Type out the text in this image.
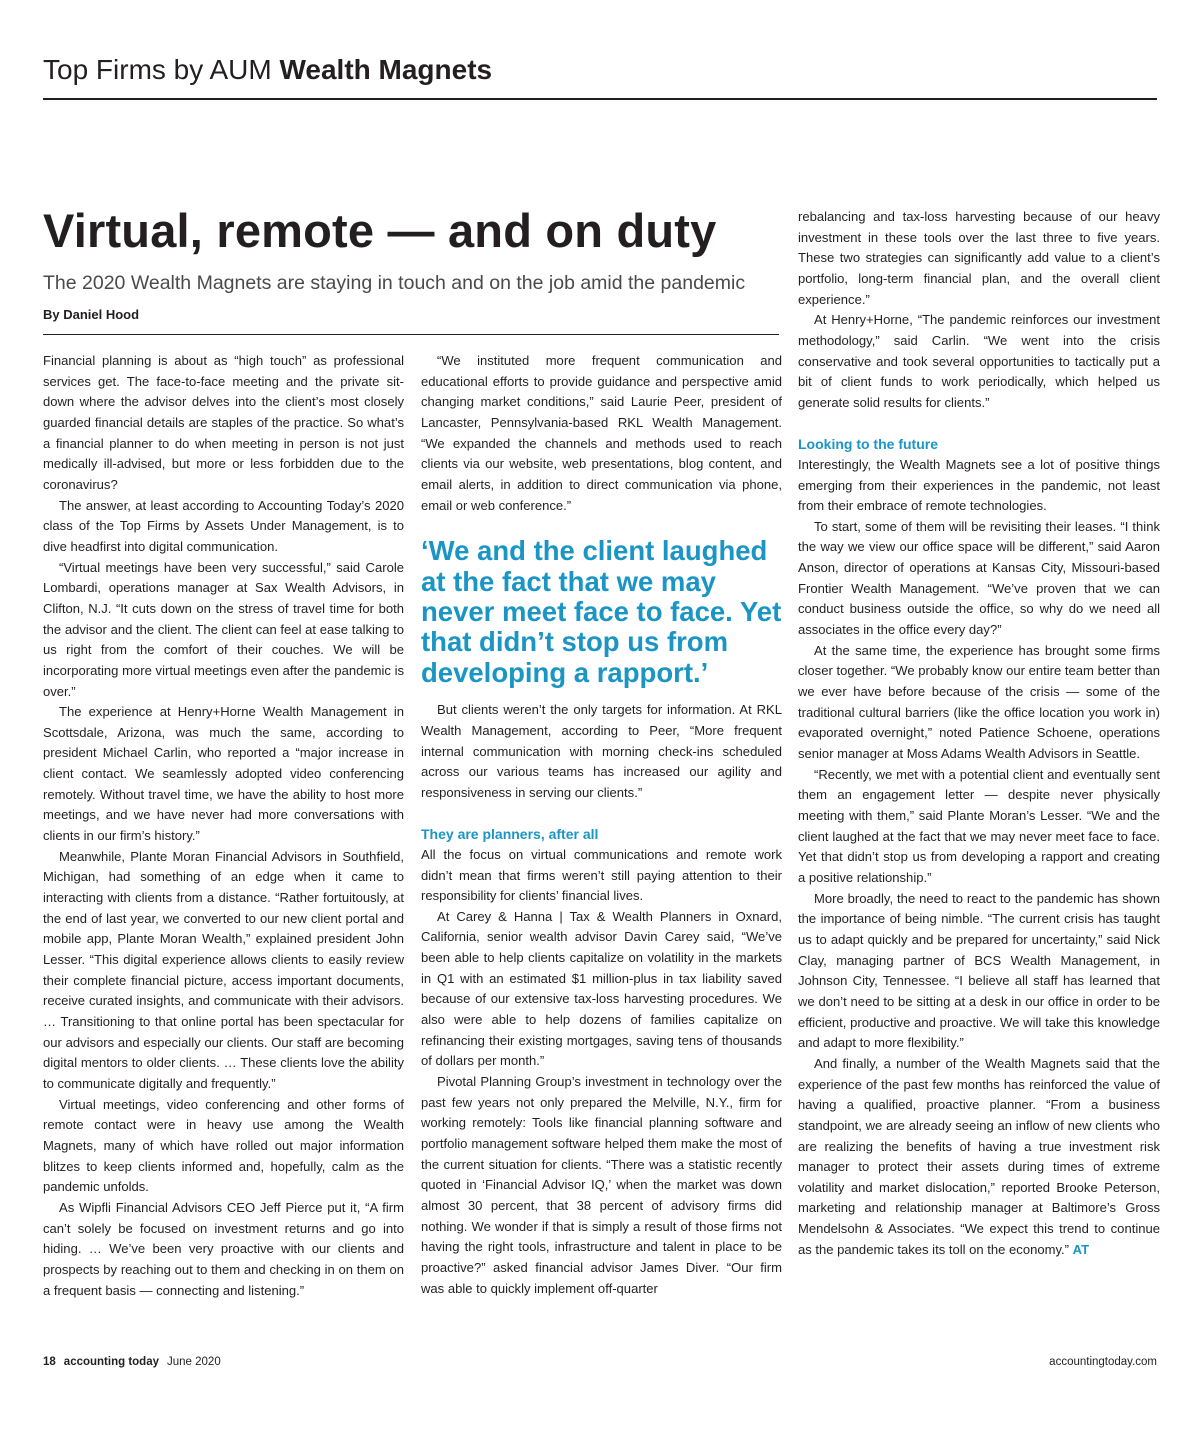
Top Firms by AUM Wealth Magnets
Virtual, remote — and on duty
The 2020 Wealth Magnets are staying in touch and on the job amid the pandemic
By Daniel Hood

Financial planning is about as “high touch” as professional services get. The face-to-face meeting and the private sit-down where the advisor delves into the client’s most closely guarded financial details are staples of the practice. So what’s a financial planner to do when meeting in person is not just medically ill-advised, but more or less forbidden due to the coronavirus?

The answer, at least according to Accounting Today’s 2020 class of the Top Firms by Assets Under Management, is to dive headfirst into digital communication.

“Virtual meetings have been very successful,” said Carole Lombardi, operations manager at Sax Wealth Advisors, in Clifton, N.J. “It cuts down on the stress of travel time for both the advisor and the client. The client can feel at ease talking to us right from the comfort of their couches. We will be incorporating more virtual meetings even after the pandemic is over.”

The experience at Henry+Horne Wealth Management in Scottsdale, Arizona, was much the same, according to president Michael Carlin, who reported a “major increase in client contact. We seamlessly adopted video conferencing remotely. Without travel time, we have the ability to host more meetings, and we have never had more conversations with clients in our firm’s history.”

Meanwhile, Plante Moran Financial Advisors in Southfield, Michigan, had something of an edge when it came to interacting with clients from a distance. “Rather fortuitously, at the end of last year, we converted to our new client portal and mobile app, Plante Moran Wealth,” explained president John Lesser. “This digital experience allows clients to easily review their complete financial picture, access important documents, receive curated insights, and communicate with their advisors. … Transitioning to that online portal has been spectacular for our advisors and especially our clients. Our staff are becoming digital mentors to older clients. … These clients love the ability to communicate digitally and frequently.”

Virtual meetings, video conferencing and other forms of remote contact were in heavy use among the Wealth Magnets, many of which have rolled out major information blitzes to keep clients informed and, hopefully, calm as the pandemic unfolds.

As Wipfli Financial Advisors CEO Jeff Pierce put it, “A firm can’t solely be focused on investment returns and go into hiding. … We’ve been very proactive with our clients and prospects by reaching out to them and checking in on them on a frequent basis — connecting and listening.”

“We instituted more frequent communication and educational efforts to provide guidance and perspective amid changing market conditions,” said Laurie Peer, president of Lancaster, Pennsylvania-based RKL Wealth Management. “We expanded the channels and methods used to reach clients via our website, web presentations, blog content, and email alerts, in addition to direct communication via phone, email or web conference.”

‘We and the client laughed at the fact that we may never meet face to face. Yet that didn’t stop us from developing a rapport.’

But clients weren’t the only targets for information. At RKL Wealth Management, according to Peer, “More frequent internal communication with morning check-ins scheduled across our various teams has increased our agility and responsiveness in serving our clients.”

They are planners, after all

All the focus on virtual communications and remote work didn’t mean that firms weren’t still paying attention to their responsibility for clients’ financial lives.

At Carey & Hanna | Tax & Wealth Planners in Oxnard, California, senior wealth advisor Davin Carey said, “We’ve been able to help clients capitalize on volatility in the markets in Q1 with an estimated $1 million-plus in tax liability saved because of our extensive tax-loss harvesting procedures. We also were able to help dozens of families capitalize on refinancing their existing mortgages, saving tens of thousands of dollars per month.”

Pivotal Planning Group’s investment in technology over the past few years not only prepared the Melville, N.Y., firm for working remotely: Tools like financial planning software and portfolio management software helped them make the most of the current situation for clients. “There was a statistic recently quoted in ‘Financial Advisor IQ,’ when the market was down almost 30 percent, that 38 percent of advisory firms did nothing. We wonder if that is simply a result of those firms not having the right tools, infrastructure and talent in place to be proactive?” asked financial advisor James Diver. “Our firm was able to quickly implement off-quarter

rebalancing and tax-loss harvesting because of our heavy investment in these tools over the last three to five years. These two strategies can significantly add value to a client’s portfolio, long-term financial plan, and the overall client experience.”

At Henry+Horne, “The pandemic reinforces our investment methodology,” said Carlin. “We went into the crisis conservative and took several opportunities to tactically put a bit of client funds to work periodically, which helped us generate solid results for clients.”

Looking to the future

Interestingly, the Wealth Magnets see a lot of positive things emerging from their experiences in the pandemic, not least from their embrace of remote technologies.

To start, some of them will be revisiting their leases. “I think the way we view our office space will be different,” said Aaron Anson, director of operations at Kansas City, Missouri-based Frontier Wealth Management. “We’ve proven that we can conduct business outside the office, so why do we need all associates in the office every day?”

At the same time, the experience has brought some firms closer together. “We probably know our entire team better than we ever have before because of the crisis — some of the traditional cultural barriers (like the office location you work in) evaporated overnight,” noted Patience Schoene, operations senior manager at Moss Adams Wealth Advisors in Seattle.

“Recently, we met with a potential client and eventually sent them an engagement letter — despite never physically meeting with them,” said Plante Moran’s Lesser. “We and the client laughed at the fact that we may never meet face to face. Yet that didn’t stop us from developing a rapport and creating a positive relationship.”

More broadly, the need to react to the pandemic has shown the importance of being nimble. “The current crisis has taught us to adapt quickly and be prepared for uncertainty,” said Nick Clay, managing partner of BCS Wealth Management, in Johnson City, Tennessee. “I believe all staff has learned that we don’t need to be sitting at a desk in our office in order to be efficient, productive and proactive. We will take this knowledge and adapt to more flexibility.”

And finally, a number of the Wealth Magnets said that the experience of the past few months has reinforced the value of having a qualified, proactive planner. “From a business standpoint, we are already seeing an inflow of new clients who are realizing the benefits of having a true investment risk manager to protect their assets during times of extreme volatility and market dislocation,” reported Brooke Peterson, marketing and relationship manager at Baltimore’s Gross Mendelsohn & Associates. “We expect this trend to continue as the pandemic takes its toll on the economy.” AT

18 accounting today June 2020	accountingtoday.com
